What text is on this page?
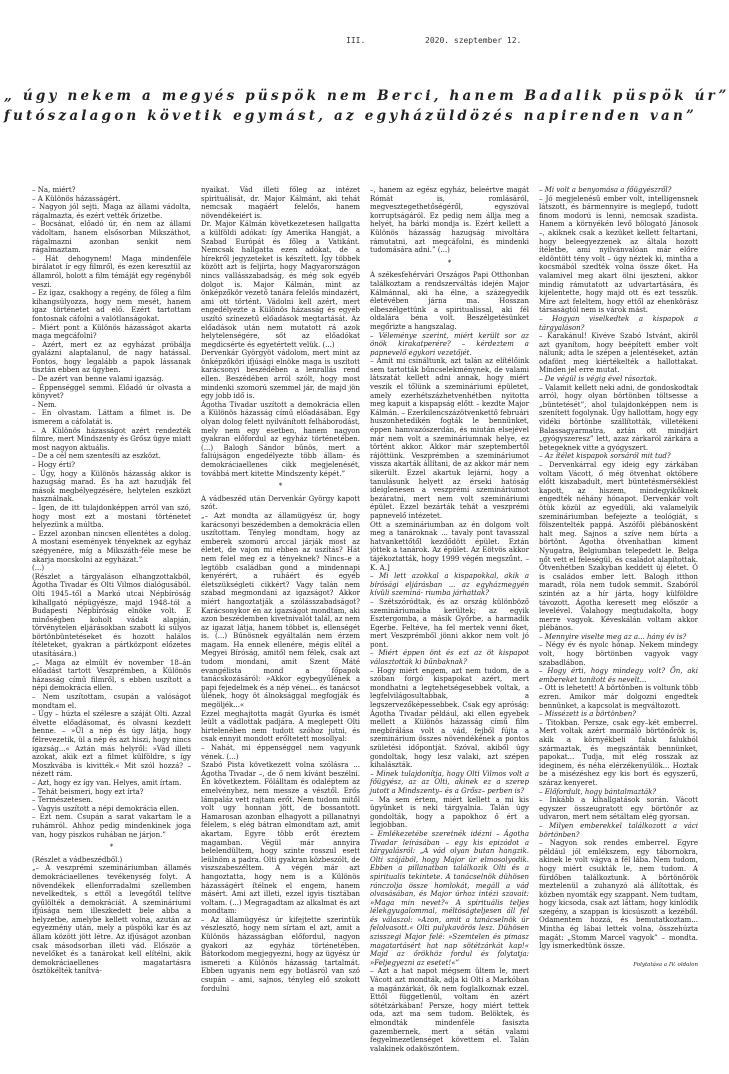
III.	2020. szeptember 12.
„ úgy nekem a megyés püspök nem Berci, hanem Badalik püspök úr”
futószalagon követik egymást, az egyházüldözés napirenden van”

– Na, miért?

– A Különös házasságért.

– Nagyon jól sejti. Maga az állami vádolta, rágalmazta, és ezért vették őrizetbe.

– Bocsánat, előadó úr, én nem az állami vádoltam, hanem elsősorban Mikszáthot, rágalmazni azonban senkit nem rágalmaztam.

– Hát dehogynem! Maga mindenféle birálatot ír egy filmről, és ezen keresztül az államról, holott a film témáját egy regényből veszi.

– Ez igaz, csakhogy a regény, de főleg a film kihangsúlyozza, hogy nem mesét, hanem igaz történetet ad elő. Ezért tartottam fontosnak cáfolni a valótlanságokat.

– Miért pont a Különös házasságot akarta maga megcáfolni?

– Azért, mert ez az egyházat próbálja gyalázni alaptalanul, de nagy hatással. Fontos, hogy legalább a papok lássanak tisztán ebben az ügyben.

– De azért van benne valami igazság.

– Éppenséggel semmi. Előadó úr olvasta a könyvet?

– Nem.

– En olvastam. Láttam a filmet is. De ismerem a cáfolatát is.

– A Különös házasságot azért rendezték filmre, mert Mindszenty és Grősz ügye miatt most nagyon aktuális.

– De a cél nem szentesíti az eszközt.

– Hogy érti?

– Úgy, hogy a Különös házasság akkor is hazugság marad. És ha azt hazudják fel mások megbélyegzésére, helytelen eszközt használnak.

– Igen, de itt tulajdonképpen arról van szó, hogy most ezt a mostani történetet helyezünk a múltba.

– Ezzel azonban nincsen ellentétes a dolog. A mostani események tényeknek az egyház szégyenére, míg a Mikszáth-féle mese be akarja mocskolni az egyházat.”

(...)

(Részlet a tárgyaláson elhangzottakból, Ágotha Tivadar és Olti Vilmos dialógusából. Olti 1945–től a Markó utcai Népbíróság kihallgató népügyésze, majd 1948–tól a Budapesti Népbíróság elnöke volt. E minőségben koholt vádak alapján, törvénytelen eljárásokban szabott ki súlyos börtönbüntetéseket és hozott halálos ítéleteket, gyakran a pártközpont előzetes utasítására.)

„– Maga az elmúlt év november 18–án előadást tartott Veszprémben, a Különös házasság című filmről, s ebben uszított a népi demokrácia ellen.

– Nem uszítottam, csupán a valóságot mondtam el.

– Úgy – húzta el szélesre a száját Olti. Azzal élvette előadásomat, és olvasni kezdett benne. – »Ül a nép és úgy látja, hogy félrevezetik, ül a nép és azt hiszi, hogy nincs igazság...« Aztán más helyről: »Vád illeti azokat, akik ezt a filmet külföldre, s így Moszkvába is kivitték.« Mit szól hozzá? – nézett rám.

– Azt, hogy ez így van. Helyes, amit írtam.

– Tehát beismeri, hogy ezt írta?

– Természetesen.

– Vagyis uszított a népi demokrácia ellen.

– Ezt nem. Csupán a sarat vakartam le a ruhámról. Ahhoz pedig mindenkinek joga van, hogy piszkos ruhában ne járjon.”

*

(Részlet a vádbeszédből.)

„– A veszprémi szemináriumban államés demokráciaellenes tevékenység folyt. A növendékek ellenforradalmi szellemben nevelkedtek, s ettől a levegőtől telítve gyűlölték a demokráciát. A szemináriumi ifjúsága nem illeszkedett bele abba a helyzetbe, amelybe kellett volna, azután az egyezmény után, mely a püspöki kar és az állam között jött létre. Az ifjúságot azonban csak másodsorban illeti vád. Először a nevelőket és a tanárokat kell elítélni, akik demokráciaellenes magatartásra ösztökélték tanítvá-

nyaikat. Vád illeti főleg az intézet spirituálisát, dr. Major Kálmánt, aki tehát nemcsak magáért felelős, hanem növendékeiért is.

Dr. Major Kálmán következetesen hallgatta a külföldi adókat: így Amerika Hangját, a Szabad Európát és főleg a Vatikánt. Nemcsak hallgatta ezen adókat, de a hírekről jegyzeteket is készített. Így többek között azt is feljírta, hogy Magyarországon nincs vallásszabadság, és még sok egyéb dolgot is. Major Kálmán, mint az önképzőkör vezető tanára felelős mindazért, ami ott történt. Vádolni kell azért, mert engedélyezte a Különös házasság és egyéb uszító színezetű előadások megtartását. Az előadások után nem mutatott rá azok helytelenségére, sőt az előadókat megdicsérte és egyetértett velük. (...)

Dervenkár Györgyöt vádolom, mert mint az önképzőköri ifjúsági elnöke maga is uszított karácsonyi beszédében a lenrallás rend ellen. Beszédében arról szólt, hogy most mindenki szomorú szemmel jár, de majd jön egy jobb idő is.

Ágotha Tivadar uszított a demokrácia ellen a Különös házasság című előadásában. Egy olyan dolog felett nyilvánított felháborodást, mely nem egy esetben, hanem nagyon gyakran előfordul az egyház történetében. (...) Balogh Sándor bűnös, mert a faliújságon engedélyezte több állam- és demokráciaellenes cikk megjelenését, továbbá mert kitette Mindszenty képét.”

*

A vádbeszéd után Dervenkár György kapott szót.

„– Azt mondta az államügyész úr, hogy karácsonyi beszédemben a demokrácia ellen uszítottam. Tényleg mondtam, hogy az emberek szomorú arccal járják most az életet, de vajon mi ebben az uszítás? Hát nem felel meg ez a tényeknek? Nincs–e a legtöbb családban gond a mindennapi kenyérért, a ruháért és egyéb életszükségleti cikkért? Vagy talán nem szabad megmondani az igazságot? Akkor miért hangoztatják a szólásszabadságot? Karácsonykor én az igazságot mondtam, aki azon beszédemben kivetnivalót talál, az nem az igazat látja, hanem többet is, ellenségét is. (...) Bűnösnek egyáltalán nem érzem magam. Ha ennek ellenére, mégis elítél a Megyei Bíróság, amitől nem félek, csak azt tudom mondani, amit Szent Máté evangélista mond a főpapok tanácskozásáról: »Akkor egybegyűlének a papi fejedelmek és a nép vénei... és tanácsot ülének, hogy öt álnoksággal megfogják és megöljék...«

Ezzel meghajtotta magát Gyurka és ismét leült a vádlottak padjára. A meglepett Olti hirtelenében nem tudott szóhoz jutni, és csak ennyit mondott erőltetett mosollyal:

– Nahát, mi éppenséggel nem vagyunk vének. (...)

Szabó Pista következett volna szólásra ... Ágotha Tivadar –, de ő nem kívánt beszélni. Én következtem. Fölálltam és odaléptem az emelvényhez, nem messze a vésztől. Erős lámpaláz vett rajtam erőt. Nem tudom mitől volt ugy honnan jött, de bossantott. Hamarosan azonban elhagyott a pillanatnyi félelem, s elég bátran elmondtam azt, amit akartam. Egyre több erőt éreztem magamban. Végül már annyira belelendültem, hogy szinte rosszul esett leülnöm a padra. Olti gyakran közbeszólt, de viszszabeszéltem. A végén már azt hangoztatta, hogy nem is a Különös házasságért ítélnek el engem, hanem másért. Ami azt illeti, ezzel igyis tisztában voltam. (...) Megragadtam az alkalmat és azt mondtam:

– Az államügyész úr kifejtette szerintük vészlesztő, hogy nem sírtam el azt, amit a Különös házasságban előfordul, nagyon gyakori az egyház történetében. Bátorkodom megjegyezni, hogy az ügyész úr ismereti a Különös házasság tartalmát. Ebben ugyanis nem egy botlásról van szó csupán – ami, sajnos, tényleg elő szokott fordulni

–, hanem az egész egyház, beleértve magát Rómát is, romlásáról, megvesztegethetőségéről, egyszóval korruptságáról. Ez pedig nem állja meg a helyét, ha bárki mondja is. Ezért kellett a Különös házasság hazugság mivoltára rámutatni, azt megcáfolni, és mindenki tudomására adni.” (...)

*

A székesfehérvári Országos Papi Otthonban találkoztam a rendszerváltás idején Major Kálmánnal, aki ha élne, a százegyedik életévében járna ma. Hosszan elbeszélgettünk a spiritualissal, aki fél oldalára béna volt. Beszélgetésünket megőrizte a hangszalag.

– Véleménye szerint, miért került sor az önök kirakatperére? – kérdeztem a papnevelő egykori vezetőjét.

– Amit mi csináltunk, azt talán az elítélőink sem tartották bűncselekménynek, de valami látszatát kellett adni annak, hogy miért veszik el tőlünk a szemináriumi épületet, amely ezerhétszázhetvenhétben nyitotta meg kapuit a kispapság előtt – kezdte Major Kálmán. – Ezerkilencszázötvenkettő februári huszonhetedikén fogták le bennünket, éppen hamvazószerdán, és miután elsejével már nem volt a szemináriumnak helye, ez történt akkor. Akkor már szeptembertől rájöttünk. Veszprémben a szemináriumot vissza akarták állítani, de az akkor már nem sikerült. Ezzel akartuk lejárni, hogy a tanulásunk helyett az érseki hatóság ideiglenesen a veszprémi szemináriumot bezáratni, mert nem volt szemináriumi épület. Ezzel bezárták tehát a veszprémi papnevelő intézetet.

Ott a szemináriumban az én dolgom volt meg a tanároknak ... tavaly pont tavasszal hatvankettőtől kezdődött épület. Eztán jöttek a tanárok. Az épület. Az Eötvös akkor tájékoztatták, hogy 1999 végén megszűnt. – K. A.]

– Mi lett azokkal a kispapokkal, akik a bírósági eljárásban ... az egyházmegyén kívüli szeminá- riumba járhattak?

– Szétszóródtak, és az ország különböző szemináriumaiba kerültek; az egyik Esztergomba, a másik Győrbe, a harmadik Egerbe. Feltéve, ha fel mertek venni őket, mert Veszprémből jönni akkor nem volt jó pont.

– Miért éppen önt és ezt az öt kispapot választották ki bűnbaknak?

– Hogy miért engem, azt nem tudom, de a szóban forgó kispapokat azért, mert mondhatni a legtehetségesebbek voltak, a legfelvilágosultabbak, a legszervezőképessebbek. Csak egy apróság: Ágotha Tivadar például, aki ellen egyebek mellett a Különös házasság című film megbírálása volt a vád, fejből fújta a szeminárium összes növendékének a pontos születési időpontját. Szóval, akiből úgy gondoltak, hogy lesz valaki, azt szépen kihalászták.

– Minek tulajdonítja, hogy Olti Vilmos volt a főügyész, az az Olti, akinek ez a szerep jutott a Mindszenty– és a Grősz– perben is?

– Ma sem értem, miért kellett a mi kis ügyünket is neki tárgyalnia. Talán úgy gondolták, hogy a papokhoz ő ért a legjobban.

– Emlékezetébe szeretnék idézni – Ágotha Tivadar leírásában – egy kis epizódot a tárgyalásról: „A vád olyan butan hangzik. Olti szájából, hogy Major úr elmosolyodik. Ebben a pillanatban találkozik Olti és a spiritualis tekintete. A tanácselnök dühösen ránczolja össze homlokát, megáll a vád olvasásában, és Major úrhoz intézi szavait: »Maga min nevet?« A spirituális teljes lélekgyugalommal, méltóságteljesen áll fel és válaszol: »Azon, amit a tanácselnök úr felolvasott.« Olti pulykavörös lesz. Dühösen szisszegi Major felé: »Szemtelen és pimasz magatartásért hat nap sötétzárkát kap!« Majd az őrökhöz fordul és folytatja: »Feljegyezni az esetet!«”

– Azt a hat napot mégsem ültem le, mert Vácott azt mondták, adja ki Olti a Markóban a magánzárkát, ők nem foglalkoznak ezzel. Ettől függetlenül, voltam én azért sötétzárkában! Persze, hogy miért tettek oda, azt ma sem tudom. Belöktek, és elmondták mindenféle fasiszta gazembernek, mert a sétán valami fegyelmezetlenséget követtem el. Talán valakinek odaköszöntem.

– Mi volt a benyomása a főügyészről?

– Jó megjelenésű ember volt, intelligensnek látszott, és bármennyire is meglepő, tudott finom modorú is lenni, nemcsak szadista. Hanem a környékén levő bölogató Jánosok –, akiknek csak a kezüket kellett feltartani, hogy beleegyezzenek az általa hozott ítéletbe, ami nyilvánvalóan már előre eldöntött tény volt – úgy néztek ki, mintha a kocsmából szedték volna össze őket. Ha valamivel meg akart ölni ijeszteni, akkor mindig rámutatott az udvartartására, és kijelentette, hogy majd ott és ezt tesszük. Mire azt feleltem, hogy ettől az ehenkörász társaságtól nem is várok mást.

– Hogyan viselkedtek a kispapok a tárgyaláson?

– Karakánul! Kivéve Szabó Istvánt, akiről azt gyanítom, hogy beépített ember volt nálunk; adta le szépen a jelentéseket, aztán odafönt meg kiértékelték a hallottakat. Minden jel erre mutat.

– De végül is végig ével rásoztak.

– Valamit kellett neki adni, de gondoskodtak arról, hogy olyan börtönben töltsesse a „büntetését”, ahol tulajdonképpen nem is szenített fogolynak. Úgy hallottam, hogy egy vidéki börtönbe szállították, villetékeni Balassagyarmatra, aztán ott mindjárt „gyógyszeresz” lett, azaz zárkaról zárkára a betegeknek vitte a gyógyszert.

– Az ítélet kispapok sorsáról mit tud?

– Dervenkárral egy ideig egy zárkában voltam Vácott, ő még ötvenhat októbere előtt kiszabadult, mert büntetésmérséklést kapott, az hiszem, mindegyikőknek engedték néhány hónapot. Dervenkár volt ötük közül az egyedüli, aki valamelyik szemináriumban befejezte a teológiát, s fölszentelték pappá. Aszófői plébánosként halt meg. Sajnos a szíve nem bírta a börtönt. Ágotha ötvenhatban kiment Nyugatra, Belgiumban telepedett le. Belga nőt vett el feleségül, és családot alapítottak. Ötvenhétben Szakyban keddett új életet. Ó is családos ember lett. Balogh itthon maradt, róla nem tudok semmit. Szabóról szintén az a hír járta, hogy külföldre távozott. Ágotha keresett meg először a levelével. Valahogy megtudakolta, hogy merre vagyok. Kéveskálán voltam akkor plébános.

– Mennyire viselte meg az a... hány év is?

– Négy év és nyolc hónap. Nekem mindegy volt, hogy börtönben vagyok vagy szabadlábon.

– Hogy érti, hogy mindegy volt? Ön, aki embereket tanított és nevelt...

– Ott is lehetett! A börtönben is voltunk több ezren. Amikor már dolgozni engedtek bennünket, a kapcsolat is megváltozott.

– Missézett is a börtönben?

– Titokban. Persze, csak egy–két emberrel. Mert voltak azért mormáló börtönőrök is, akik a környékbeli faluk falukból származtak, és megszánták bennünket, papokat... Tudja, mit elég rosszak az ideginem, és néha elérzékenyülök... Hoztak be a misézéshez egy kis bort és egyszerű, száraz kenyeret.

– Előfordult, hogy bántalmazták?

– Inkább a kihallgatások során. Vácott egyszer összeugratott egy börtönőr az udvaron, mert nem sétáltam elég gyorsan.

– Milyen emberekkel találkozott a váci börtönben?

– Nagyon sok rendes emberrel. Egyre például jól emlékszem, egy tábornokra, akinek le volt vágva a fél lába. Nem tudom, hogy miért csukták le, nem tudom. A fürdőben találkoztunk. A börtönőrök meztelenül a zuhanyzó alá állítottak, és közben nyomták egy szappant. Nem tudtam, hogy kicsoda, csak azt láttam, hogy kinlódik szegény, a szappan is kicsúszott a kezéből. Odamentem hozzá, és bemutatkoztam... Mintha ég lábai lettek volna, összehúzta magát: „Stomm Marcel vagyok” – mondta. Így ismerkedtünk össze.

Folytatása a IV. oldalon
